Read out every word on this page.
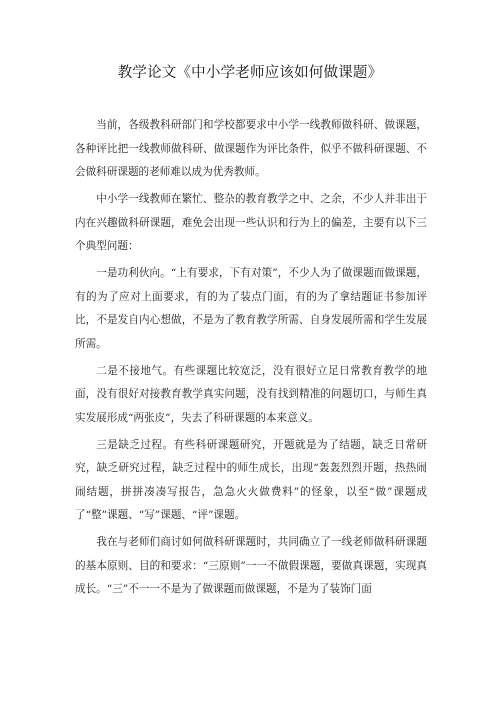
教学论文《中小学老师应该如何做课题》

当前，各级教科研部门和学校都要求中小学一线教师做科研、做课题，各种评比把一线教师做科研、做课题作为评比条件，似乎不做科研课题、不会做科研课题的老师难以成为优秀教师。

中小学一线教师在繁忙、整杂的教育教学之中、之余，不少人并非出于内在兴趣做科研课题，难免会出现一些认识和行为上的偏差，主要有以下三个典型问题：

一是功利伙向。“上有要求，下有对策”，不少人为了做课题而做课题，有的为了应对上面要求，有的为了装点门面，有的为了拿结题证书参加评比，不是发自内心想做，不是为了教育教学所需、自身发展所需和学生发展所需。

二是不接地气。有些课题比较宽泛，没有很好立足日常教育教学的地面，没有很好对接教育教学真实问题，没有找到精准的问题切口，与师生真实发展形成“两张皮”，失去了科研课题的本来意义。

三是缺乏过程。有些科研课题研究，开题就是为了结题，缺乏日常研究，缺乏研究过程，缺乏过程中的师生成长，出现“轰轰烈烈开题，热热闹闹结题，拼拼凑凑写报告，急急火火做费料”的怪象，以至“做”课题成了“整”课题、“写”课题、“评”课题。

我在与老师们商讨如何做科研课题时，共同确立了一线老师做科研课题的基本原则、目的和要求：“三原则”一一不做假课题，要做真课题，实现真成长。“三”不一一不是为了做课题而做课题，不是为了装饰门面
